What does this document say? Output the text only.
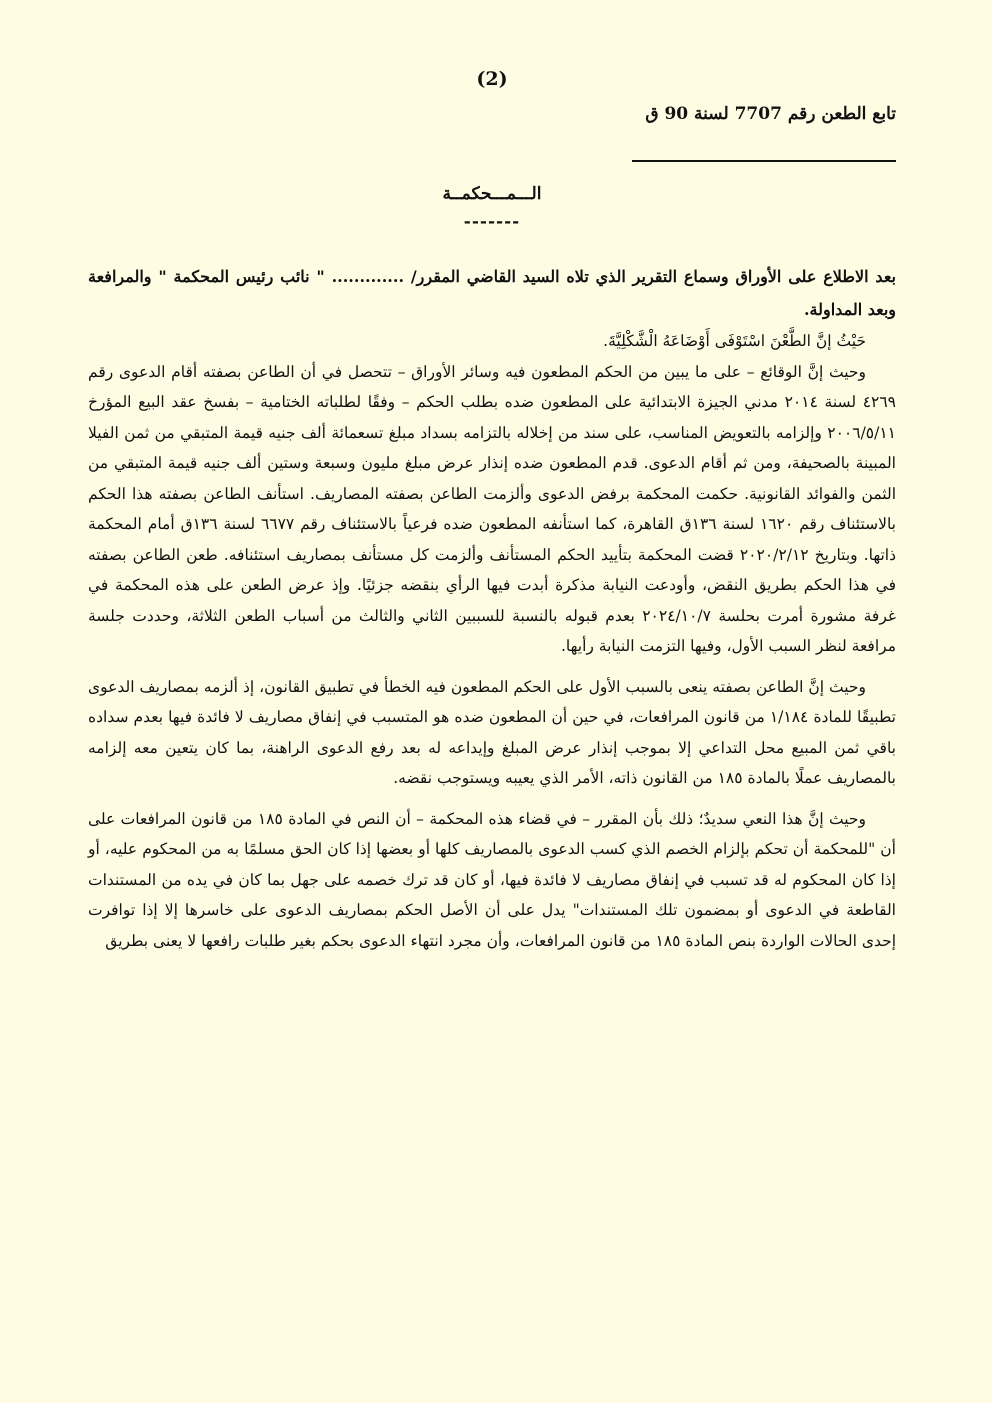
(2)
تابع الطعن رقم 7707 لسنة 90 ق
الـــمـــحكمــة
-------

بعد الاطلاع على الأوراق وسماع التقرير الذي تلاه السيد القاضي المقرر/ ............. " نائب رئيس المحكمة " والمرافعة وبعد المداولة.

حَيْثُ إنَّ الطَّعْنَ اسْتَوْفَى أَوْضَاعَهُ الْشَّكْلِيَّةَ.

وحيث إنَّ الوقائع – على ما يبين من الحكم المطعون فيه وسائر الأوراق – تتحصل في أن الطاعن بصفته أقام الدعوى رقم ٤٢٦٩ لسنة ٢٠١٤ مدني الجيزة الابتدائية على المطعون ضده بطلب الحكم – وفقًا لطلباته الختامية – بفسخ عقد البيع المؤرخ ٢٠٠٦/٥/١١ وإلزامه بالتعويض المناسب، على سند من إخلاله بالتزامه بسداد مبلغ تسعمائة ألف جنيه قيمة المتبقي من ثمن الفيلا المبينة بالصحيفة، ومن ثم أقام الدعوى. قدم المطعون ضده إنذار عرض مبلغ مليون وسبعة وستين ألف جنيه قيمة المتبقي من الثمن والفوائد القانونية. حكمت المحكمة برفض الدعوى وألزمت الطاعن بصفته المصاريف. استأنف الطاعن بصفته هذا الحكم بالاستئناف رقم ١٦٢٠ لسنة ١٣٦ق القاهرة، كما استأنفه المطعون ضده فرعياً بالاستئناف رقم ٦٦٧٧ لسنة ١٣٦ق أمام المحكمة ذاتها. وبتاريخ ٢٠٢٠/٢/١٢ قضت المحكمة بتأييد الحكم المستأنف وألزمت كل مستأنف بمصاريف استئنافه. طعن الطاعن بصفته في هذا الحكم بطريق النقض، وأودعت النيابة مذكرة أبدت فيها الرأي بنقضه جزئيًا. وإذ عرض الطعن على هذه المحكمة في غرفة مشورة أمرت بحلسة ٢٠٢٤/١٠/٧ بعدم قبوله بالنسبة للسببين الثاني والثالث من أسباب الطعن الثلاثة، وحددت جلسة مرافعة لنظر السبب الأول، وفيها التزمت النيابة رأيها.

وحيث إنَّ الطاعن بصفته ينعى بالسبب الأول على الحكم المطعون فيه الخطأ في تطبيق القانون، إذ ألزمه بمصاريف الدعوى تطبيقًا للمادة ١/١٨٤ من قانون المرافعات، في حين أن المطعون ضده هو المتسبب في إنفاق مصاريف لا فائدة فيها بعدم سداده باقي ثمن المبيع محل التداعي إلا بموجب إنذار عرض المبلغ وإيداعه له بعد رفع الدعوى الراهنة، بما كان يتعين معه إلزامه بالمصاريف عملًا بالمادة ١٨٥ من القانون ذاته، الأمر الذي يعيبه ويستوجب نقضه.

وحيث إنَّ هذا النعي سديدٌ؛ ذلك بأن المقرر – في قضاء هذه المحكمة – أن النص في المادة ١٨٥ من قانون المرافعات على أن "للمحكمة أن تحكم بإلزام الخصم الذي كسب الدعوى بالمصاريف كلها أو بعضها إذا كان الحق مسلمًا به من المحكوم عليه، أو إذا كان المحكوم له قد تسبب في إنفاق مصاريف لا فائدة فيها، أو كان قد ترك خصمه على جهل بما كان في يده من المستندات القاطعة في الدعوى أو بمضمون تلك المستندات" يدل على أن الأصل الحكم بمصاريف الدعوى على خاسرها إلا إذا توافرت إحدى الحالات الواردة بنص المادة ١٨٥ من قانون المرافعات، وأن مجرد انتهاء الدعوى بحكم بغير طلبات رافعها لا يعنى بطريق
